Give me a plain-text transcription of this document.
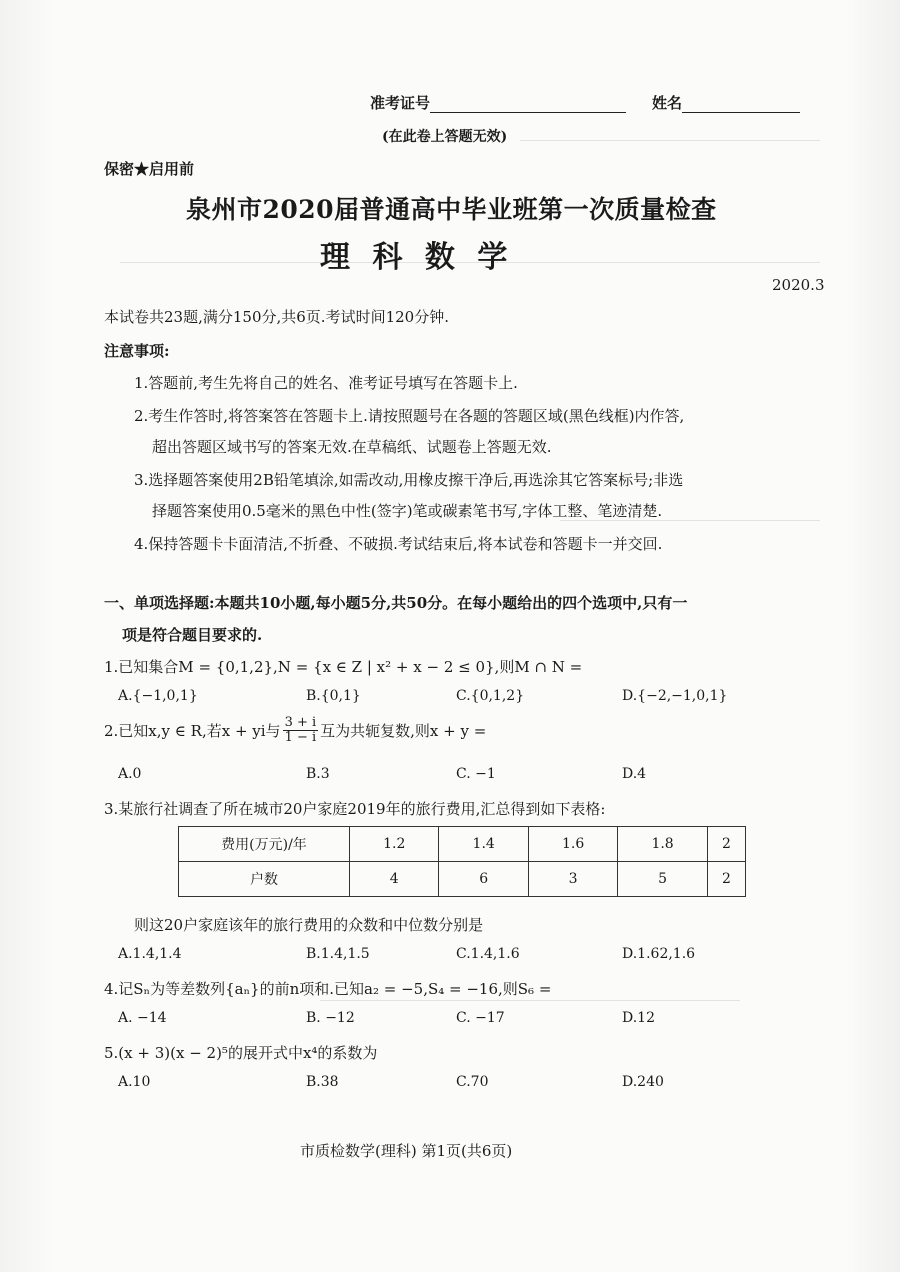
准考证号	姓名
(在此卷上答题无效)
保密★启用前
泉州市2020届普通高中毕业班第一次质量检查
理 科 数 学
2020.3
本试卷共23题,满分150分,共6页.考试时间120分钟.
注意事项:
1.答题前,考生先将自己的姓名、准考证号填写在答题卡上.
2.考生作答时,将答案答在答题卡上.请按照题号在各题的答题区域(黑色线框)内作答,
超出答题区域书写的答案无效.在草稿纸、试题卷上答题无效.
3.选择题答案使用2B铅笔填涂,如需改动,用橡皮擦干净后,再选涂其它答案标号;非选
择题答案使用0.5毫米的黑色中性(签字)笔或碳素笔书写,字体工整、笔迹清楚.
4.保持答题卡卡面清洁,不折叠、不破损.考试结束后,将本试卷和答题卡一并交回.
一、单项选择题:本题共10小题,每小题5分,共50分。在每小题给出的四个选项中,只有一
项是符合题目要求的.
1.已知集合M = {0,1,2},N = {x ∈ Z | x² + x − 2 ≤ 0},则M ∩ N =
A.{−1,0,1}	B.{0,1}	C.{0,1,2}	D.{−2,−1,0,1}
2.已知x,y ∈ R,若x + yi与 $\frac{3 + i}{1 - i}$ 互为共轭复数,则x + y =
A.0	B.3	C. −1	D.4
3.某旅行社调查了所在城市20户家庭2019年的旅行费用,汇总得到如下表格:
费用(万元)/年	1.2	1.4	1.6	1.8	2
户数	4	6	3	5	2
则这20户家庭该年的旅行费用的众数和中位数分别是
A.1.4,1.4	B.1.4,1.5	C.1.4,1.6	D.1.62,1.6
4.记Sₙ为等差数列{aₙ}的前n项和.已知a₂ = −5,S₄ = −16,则S₆ =
A. −14	B. −12	C. −17	D.12
5.(x + 3)(x − 2)⁵的展开式中x⁴的系数为
A.10	B.38	C.70	D.240
市质检数学(理科) 第1页(共6页)
